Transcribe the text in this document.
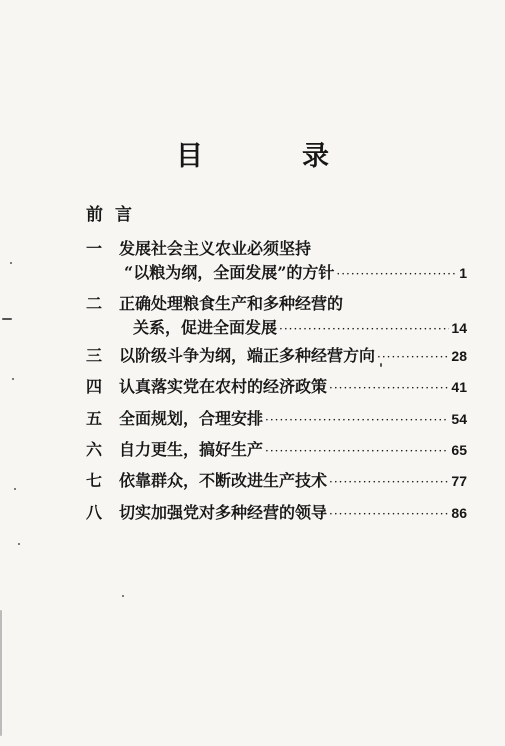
目　录
前言
一	发展社会主义农业必须坚持
“以粮为纲，全面发展”的方针 ·····	1
二	正确处理粮食生产和多种经营的
关系，促进全面发展 ·····	14
三	以阶级斗争为纲，端正多种经营方向 ·····	28
四	认真落实党在农村的经济政策 ·····	41
五	全面规划，合理安排 ·····	54
六	自力更生，搞好生产 ·····	65
七	依靠群众，不断改进生产技术 ·····	77
八	切实加强党对多种经营的领导 ·····	86
